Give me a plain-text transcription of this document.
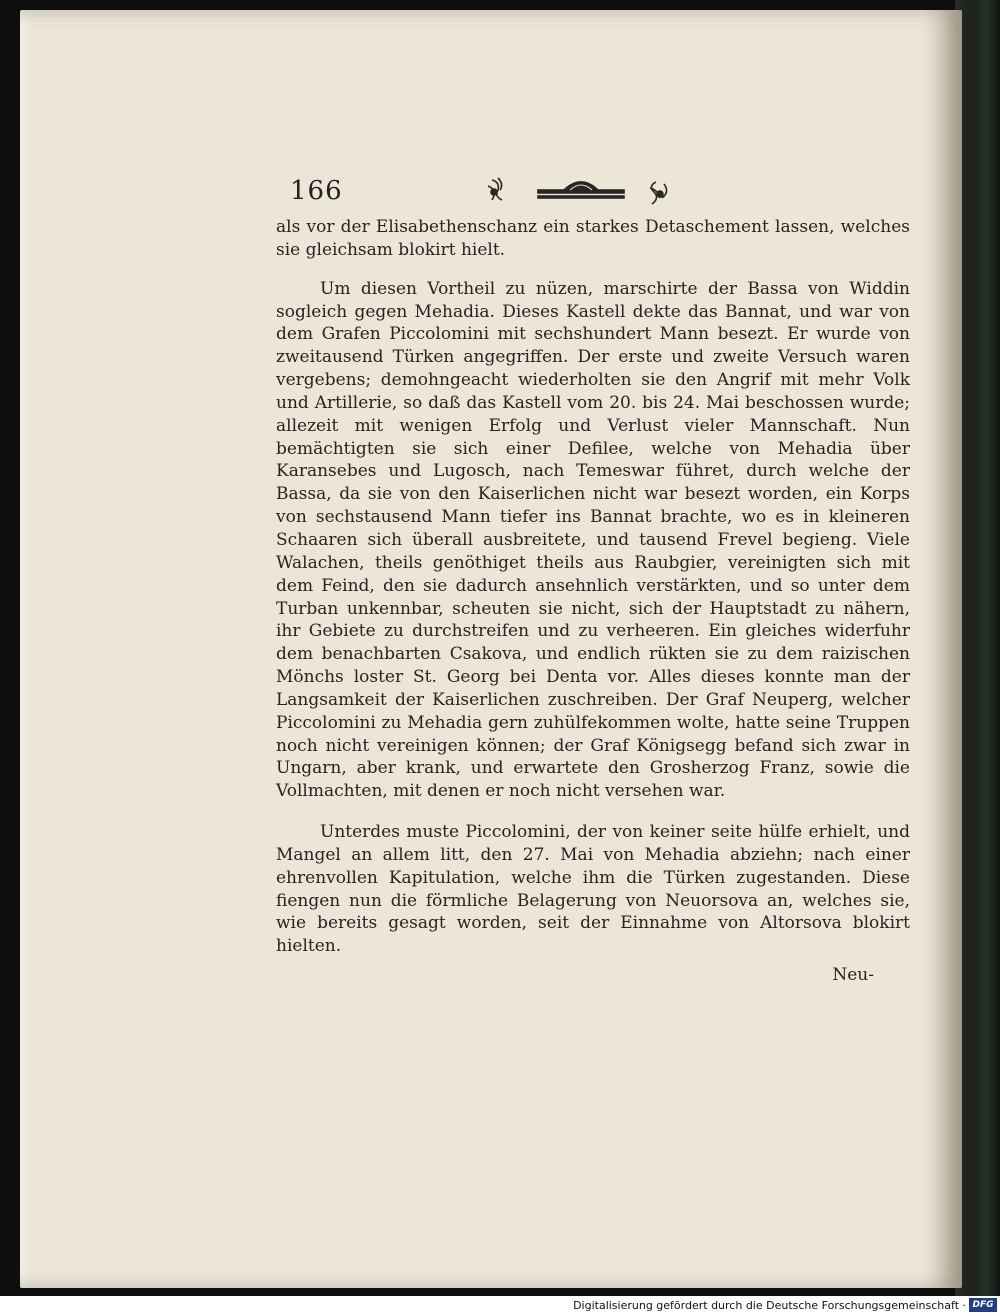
166

als vor der Elisabethenschanz ein starkes Detaschement lassen, welches sie gleichsam blokirt hielt.

Um diesen Vortheil zu nüzen, marschirte der Bassa von Widdin sogleich gegen Mehadia. Dieses Kastell dekte das Bannat, und war von dem Grafen Piccolomini mit sechshundert Mann besezt. Er wurde von zweitausend Türken angegriffen. Der erste und zweite Versuch waren vergebens; demohngeacht wiederholten sie den Angrif mit mehr Volk und Artillerie, so daß das Kastell vom 20. bis 24. Mai beschossen wurde; allezeit mit wenigen Erfolg und Verlust vieler Mannschaft. Nun bemächtigten sie sich einer Defilee, welche von Mehadia über Karansebes und Lugosch, nach Temeswar führet, durch welche der Bassa, da sie von den Kaiserlichen nicht war besezt worden, ein Korps von sechstausend Mann tiefer ins Bannat brachte, wo es in kleineren Schaaren sich überall ausbreitete, und tausend Frevel begieng. Viele Walachen, theils genöthiget theils aus Raubgier, vereinigten sich mit dem Feind, den sie dadurch ansehnlich verstärkten, und so unter dem Turban unkennbar, scheuten sie nicht, sich der Hauptstadt zu nähern, ihr Gebiete zu durchstreifen und zu verheeren. Ein gleiches widerfuhr dem benachbarten Csakova, und endlich rükten sie zu dem raizischen Mönchs loster St. Georg bei Denta vor. Alles dieses konnte man der Langsamkeit der Kaiserlichen zuschreiben. Der Graf Neuperg, welcher Piccolomini zu Mehadia gern zuhülfekommen wolte, hatte seine Truppen noch nicht vereinigen können; der Graf Königsegg befand sich zwar in Ungarn, aber krank, und erwartete den Grosherzog Franz, sowie die Vollmachten, mit denen er noch nicht versehen war.

Unterdes muste Piccolomini, der von keiner seite hülfe erhielt, und Mangel an allem litt, den 27. Mai von Mehadia abziehn; nach einer ehrenvollen Kapitulation, welche ihm die Türken zugestanden. Diese fiengen nun die förmliche Belagerung von Neuorsova an, welches sie, wie bereits gesagt worden, seit der Einnahme von Altorsova blokirt hielten.

Neu-
Digitalisierung gefördert durch die Deutsche Forschungsgemeinschaft · DFG
